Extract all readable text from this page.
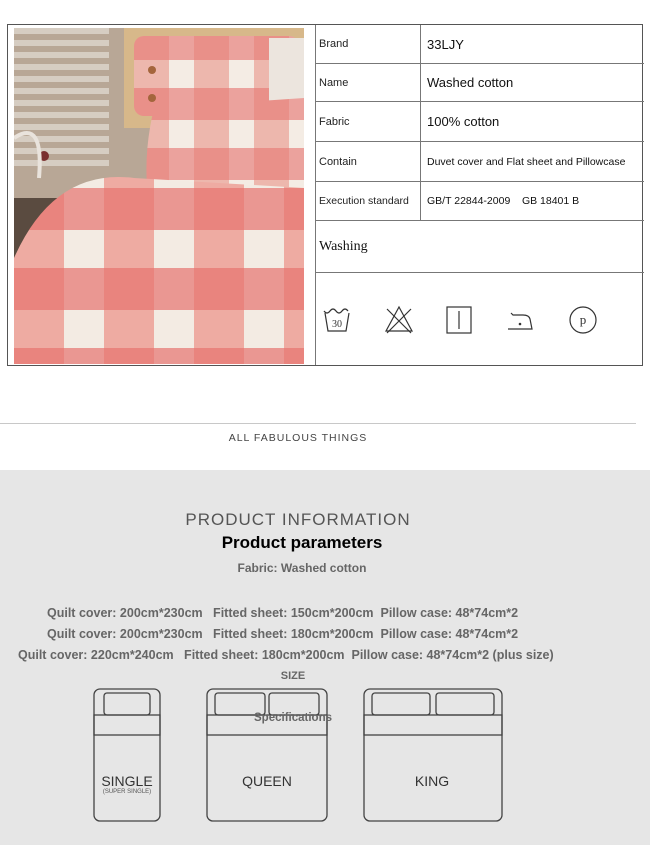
Brand	33LJY
Name	Washed cotton
Fabric	100% cotton
Contain	Duvet cover and Flat sheet and Pillowcase
Execution standard	GB/T 22844-2009    GB 18401 B
Washing
30	p
ALL FABULOUS THINGS
PRODUCT INFORMATION
Product parameters
Fabric: Washed cotton
Quilt cover: 200cm*230cm   Fitted sheet: 150cm*200cm  Pillow case: 48*74cm*2
Quilt cover: 200cm*230cm   Fitted sheet: 180cm*200cm  Pillow case: 48*74cm*2
Quilt cover: 220cm*240cm   Fitted sheet: 180cm*200cm  Pillow case: 48*74cm*2 (plus size)
SIZE
Specifications
SINGLE
(SUPER SINGLE)
QUEEN	KING
